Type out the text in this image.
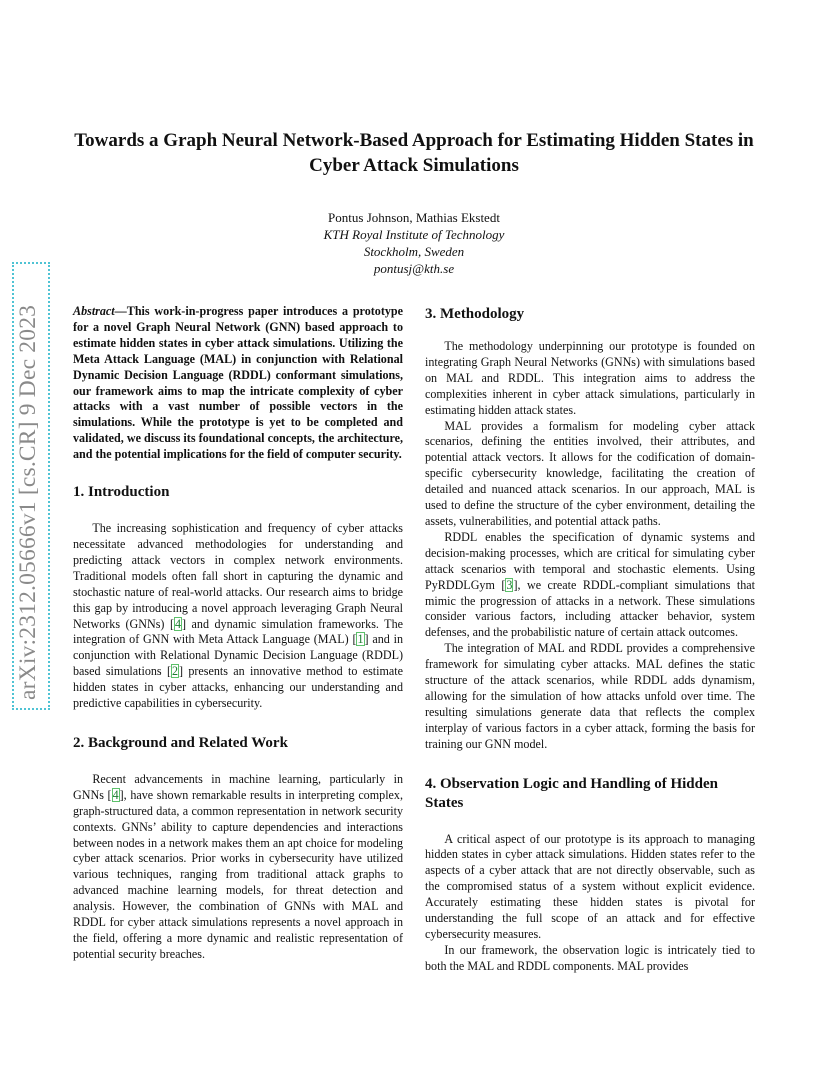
arXiv:2312.05666v1 [cs.CR] 9 Dec 2023
Towards a Graph Neural Network-Based Approach for Estimating Hidden States in Cyber Attack Simulations
Pontus Johnson, Mathias Ekstedt
KTH Royal Institute of Technology
Stockholm, Sweden
pontusj@kth.se

Abstract—This work-in-progress paper introduces a prototype for a novel Graph Neural Network (GNN) based approach to estimate hidden states in cyber attack simulations. Utilizing the Meta Attack Language (MAL) in conjunction with Relational Dynamic Decision Language (RDDL) conformant simulations, our framework aims to map the intricate complexity of cyber attacks with a vast number of possible vectors in the simulations. While the prototype is yet to be completed and validated, we discuss its foundational concepts, the architecture, and the potential implications for the field of computer security.

1. Introduction

The increasing sophistication and frequency of cyber attacks necessitate advanced methodologies for understanding and predicting attack vectors in complex network environments. Traditional models often fall short in capturing the dynamic and stochastic nature of real-world attacks. Our research aims to bridge this gap by introducing a novel approach leveraging Graph Neural Networks (GNNs) [4] and dynamic simulation frameworks. The integration of GNN with Meta Attack Language (MAL) [1] and in conjunction with Relational Dynamic Decision Language (RDDL) based simulations [2] presents an innovative method to estimate hidden states in cyber attacks, enhancing our understanding and predictive capabilities in cybersecurity.

2. Background and Related Work

Recent advancements in machine learning, particularly in GNNs [4], have shown remarkable results in interpreting complex, graph-structured data, a common representation in network security contexts. GNNs’ ability to capture dependencies and interactions between nodes in a network makes them an apt choice for modeling cyber attack scenarios. Prior works in cybersecurity have utilized various techniques, ranging from traditional attack graphs to advanced machine learning models, for threat detection and analysis. However, the combination of GNNs with MAL and RDDL for cyber attack simulations represents a novel approach in the field, offering a more dynamic and realistic representation of potential security breaches.

3. Methodology

The methodology underpinning our prototype is founded on integrating Graph Neural Networks (GNNs) with simulations based on MAL and RDDL. This integration aims to address the complexities inherent in cyber attack simulations, particularly in estimating hidden attack states.

MAL provides a formalism for modeling cyber attack scenarios, defining the entities involved, their attributes, and potential attack vectors. It allows for the codification of domain-specific cybersecurity knowledge, facilitating the creation of detailed and nuanced attack scenarios. In our approach, MAL is used to define the structure of the cyber environment, detailing the assets, vulnerabilities, and potential attack paths.

RDDL enables the specification of dynamic systems and decision-making processes, which are critical for simulating cyber attack scenarios with temporal and stochastic elements. Using PyRDDLGym [3], we create RDDL-compliant simulations that mimic the progression of attacks in a network. These simulations consider various factors, including attacker behavior, system defenses, and the probabilistic nature of certain attack outcomes.

The integration of MAL and RDDL provides a comprehensive framework for simulating cyber attacks. MAL defines the static structure of the attack scenarios, while RDDL adds dynamism, allowing for the simulation of how attacks unfold over time. The resulting simulations generate data that reflects the complex interplay of various factors in a cyber attack, forming the basis for training our GNN model.

4. Observation Logic and Handling of Hidden States

A critical aspect of our prototype is its approach to managing hidden states in cyber attack simulations. Hidden states refer to the aspects of a cyber attack that are not directly observable, such as the compromised status of a system without explicit evidence. Accurately estimating these hidden states is pivotal for understanding the full scope of an attack and for effective cybersecurity measures.

In our framework, the observation logic is intricately tied to both the MAL and RDDL components. MAL provides
